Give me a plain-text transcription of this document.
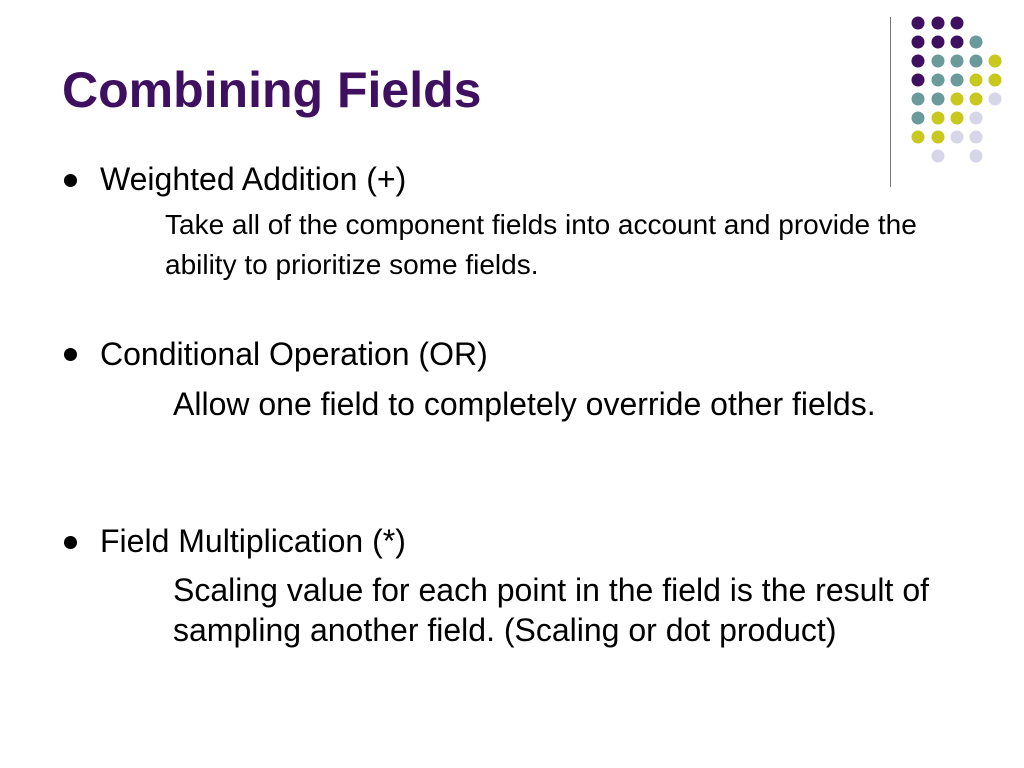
Combining Fields

Weighted Addition (+)

Take all of the component fields into account and provide the ability to prioritize some fields.

Conditional Operation (OR)

Allow one field to completely override other fields.

Field Multiplication (*)

Scaling value for each point in the field is the result of sampling another field. (Scaling or dot product)
